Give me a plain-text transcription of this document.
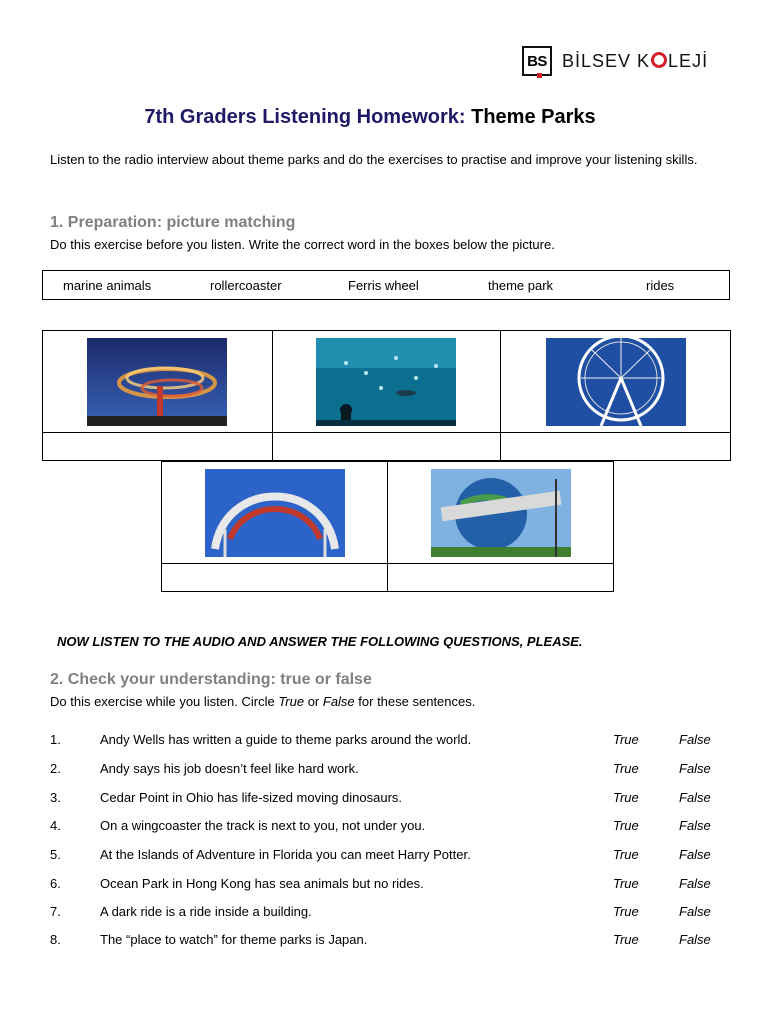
BS BİLSEV K LEJİ
7th Graders Listening Homework: Theme Parks
Listen to the radio interview about theme parks and do the exercises to practise and improve your listening skills.
1. Preparation: picture matching
Do this exercise before you listen. Write the correct word in the boxes below the picture.
marine animals	rollercoaster	Ferris wheel	theme park	rides

NOW LISTEN TO THE AUDIO AND ANSWER THE FOLLOWING QUESTIONS, PLEASE.
2. Check your understanding: true or false
Do this exercise while you listen. Circle True or False for these sentences.
1.	Andy Wells has written a guide to theme parks around the world.	True	False
2.	Andy says his job doesn’t feel like hard work.	True	False
3.	Cedar Point in Ohio has life-sized moving dinosaurs.	True	False
4.	On a wingcoaster the track is next to you, not under you.	True	False
5.	At the Islands of Adventure in Florida you can meet Harry Potter.	True	False
6.	Ocean Park in Hong Kong has sea animals but no rides.	True	False
7.	A dark ride is a ride inside a building.	True	False
8.	The “place to watch” for theme parks is Japan.	True	False
